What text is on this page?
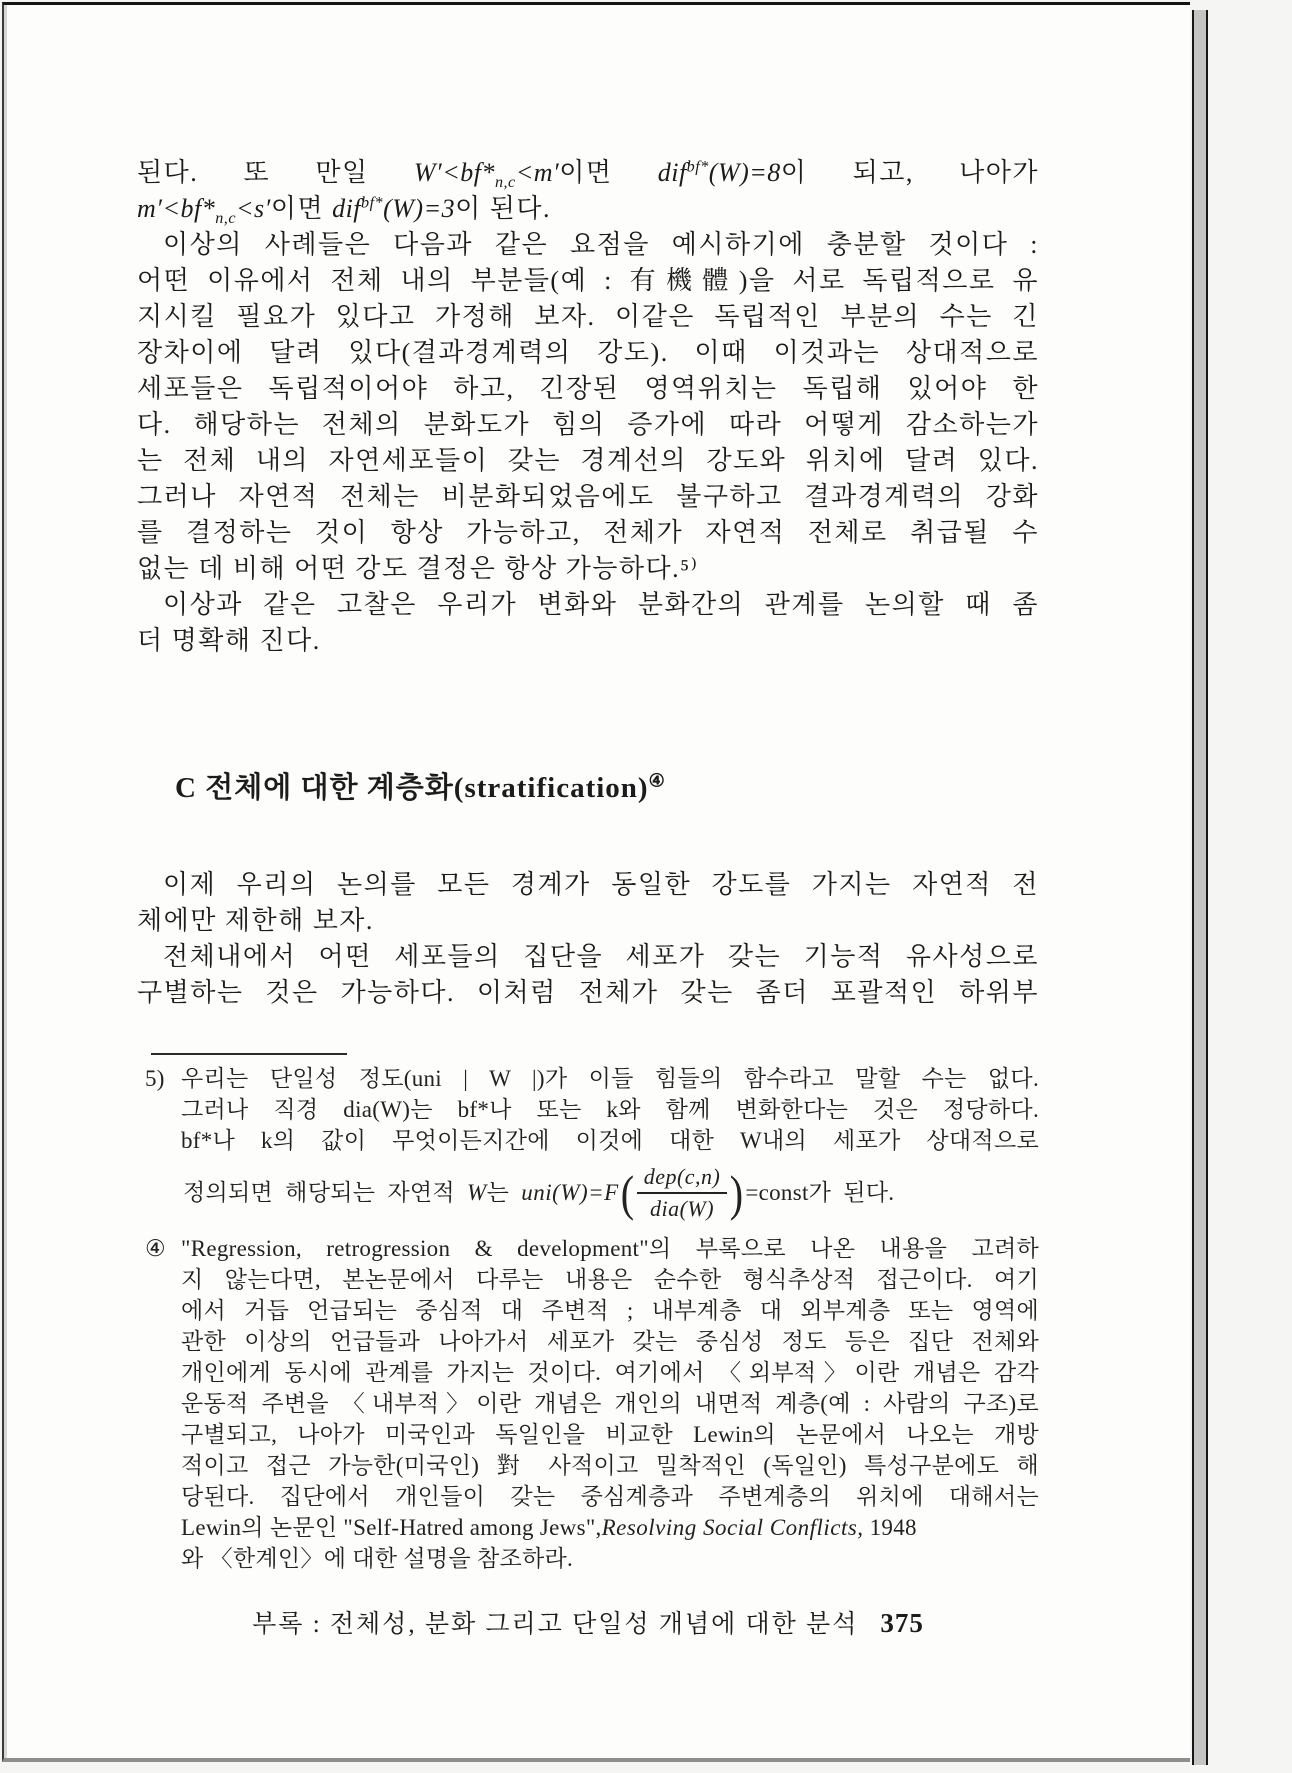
된다. 또 만일 $W'<bf*_{n,c}<m'$이면 dif$^{bf*}$(W)=8이 되고, 나아가
$m'<bf*_{n,c}<s'$이면 dif$^{bf*}$(W)=3이 된다.
이상의 사례들은 다음과 같은 요점을 예시하기에 충분할 것이다 :
어떤 이유에서 전체 내의 부분들(예 : 有機體)을 서로 독립적으로 유
지시킬 필요가 있다고 가정해 보자. 이같은 독립적인 부분의 수는 긴
장차이에 달려 있다(결과경계력의 강도). 이때 이것과는 상대적으로
세포들은 독립적이어야 하고, 긴장된 영역위치는 독립해 있어야 한
다. 해당하는 전체의 분화도가 힘의 증가에 따라 어떻게 감소하는가
는 전체 내의 자연세포들이 갖는 경계선의 강도와 위치에 달려 있다.
그러나 자연적 전체는 비분화되었음에도 불구하고 결과경계력의 강화
를 결정하는 것이 항상 가능하고, 전체가 자연적 전체로 취급될 수
없는 데 비해 어떤 강도 결정은 항상 가능하다.⁵⁾
이상과 같은 고찰은 우리가 변화와 분화간의 관계를 논의할 때 좀
더 명확해 진다.
C 전체에 대한 계층화(stratification)④
이제 우리의 논의를 모든 경계가 동일한 강도를 가지는 자연적 전
체에만 제한해 보자.
전체내에서 어떤 세포들의 집단을 세포가 갖는 기능적 유사성으로
구별하는 것은 가능하다. 이처럼 전체가 갖는 좀더 포괄적인 하위부
5) 우리는 단일성 정도(uni | W |)가 이들 힘들의 함수라고 말할 수는 없다.
그러나 직경 dia(W)는 bf*나 또는 k와 함께 변화한다는 것은 정당하다.
bf*나 k의 값이 무엇이든지간에 이것에 대한 W내의 세포가 상대적으로
정의되면  해당되는  자연적 W 는 uni(W)=F ( $\frac{\text{dep(c,n)}}{\text{dia(W)}}$ ) =const 가  된다.
④ "Regression, retrogression & development"의 부록으로 나온 내용을 고려하
지 않는다면, 본논문에서 다루는 내용은 순수한 형식추상적 접근이다. 여기
에서 거듭 언급되는 중심적 대 주변적 ; 내부계층 대 외부계층 또는 영역에
관한 이상의 언급들과 나아가서 세포가 갖는 중심성 정도 등은 집단 전체와
개인에게 동시에 관계를 가지는 것이다. 여기에서 〈외부적〉이란 개념은 감각
운동적 주변을 〈내부적〉이란 개념은 개인의 내면적 계층(예 : 사람의 구조)로
구별되고, 나아가 미국인과 독일인을 비교한 Lewin의 논문에서 나오는 개방
적이고 접근 가능한(미국인) 對 사적이고 밀착적인 (독일인) 특성구분에도 해
당된다. 집단에서 개인들이 갖는 중심계층과 주변계층의 위치에 대해서는
Lewin의 논문인 "Self-Hatred among Jews",Resolving Social Conflicts, 1948
와 〈한계인〉에 대한 설명을 참조하라.
부록 : 전체성, 분화 그리고 단일성 개념에 대한 분석 375
